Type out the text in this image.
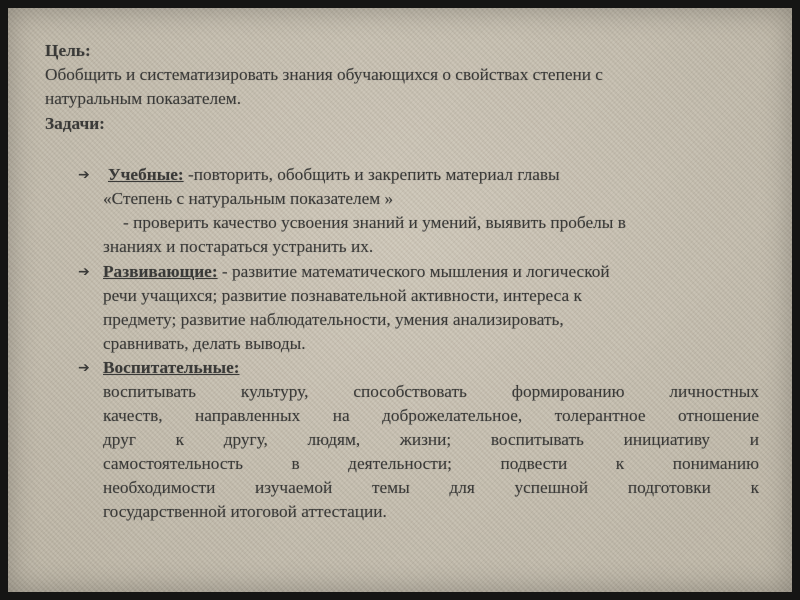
Цель:
Обобщить и систематизировать знания обучающихся о свойствах степени с
натуральным показателем.
Задачи:
➔ Учебные: -повторить, обобщить и закрепить материал главы
«Степень с натуральным показателем »
- проверить качество усвоения знаний и умений, выявить пробелы в
знаниях и постараться устранить их.
➔ Развивающие: - развитие математического мышления и логической
речи учащихся; развитие познавательной активности, интереса к
предмету; развитие наблюдательности, умения анализировать,
сравнивать, делать выводы.
➔ Воспитательные:
воспитывать культуру, способствовать формированию личностных
качеств, направленных на доброжелательное, толерантное отношение
друг к другу, людям, жизни; воспитывать инициативу и
самостоятельность в деятельности; подвести к пониманию
необходимости изучаемой темы для успешной подготовки к
государственной итоговой аттестации.
